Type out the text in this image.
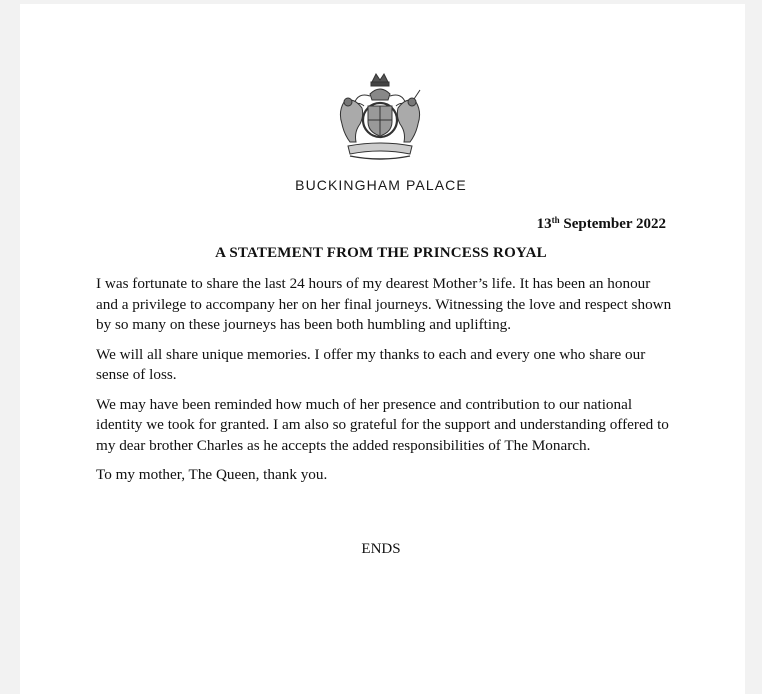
BUCKINGHAM PALACE
13th September 2022
A STATEMENT FROM THE PRINCESS ROYAL

I was fortunate to share the last 24 hours of my dearest Mother’s life. It has been an honour and a privilege to accompany her on her final journeys. Witnessing the love and respect shown by so many on these journeys has been both humbling and uplifting.

We will all share unique memories. I offer my thanks to each and every one who share our sense of loss.

We may have been reminded how much of her presence and contribution to our national identity we took for granted. I am also so grateful for the support and understanding offered to my dear brother Charles as he accepts the added responsibilities of The Monarch.

To my mother, The Queen, thank you.

ENDS
